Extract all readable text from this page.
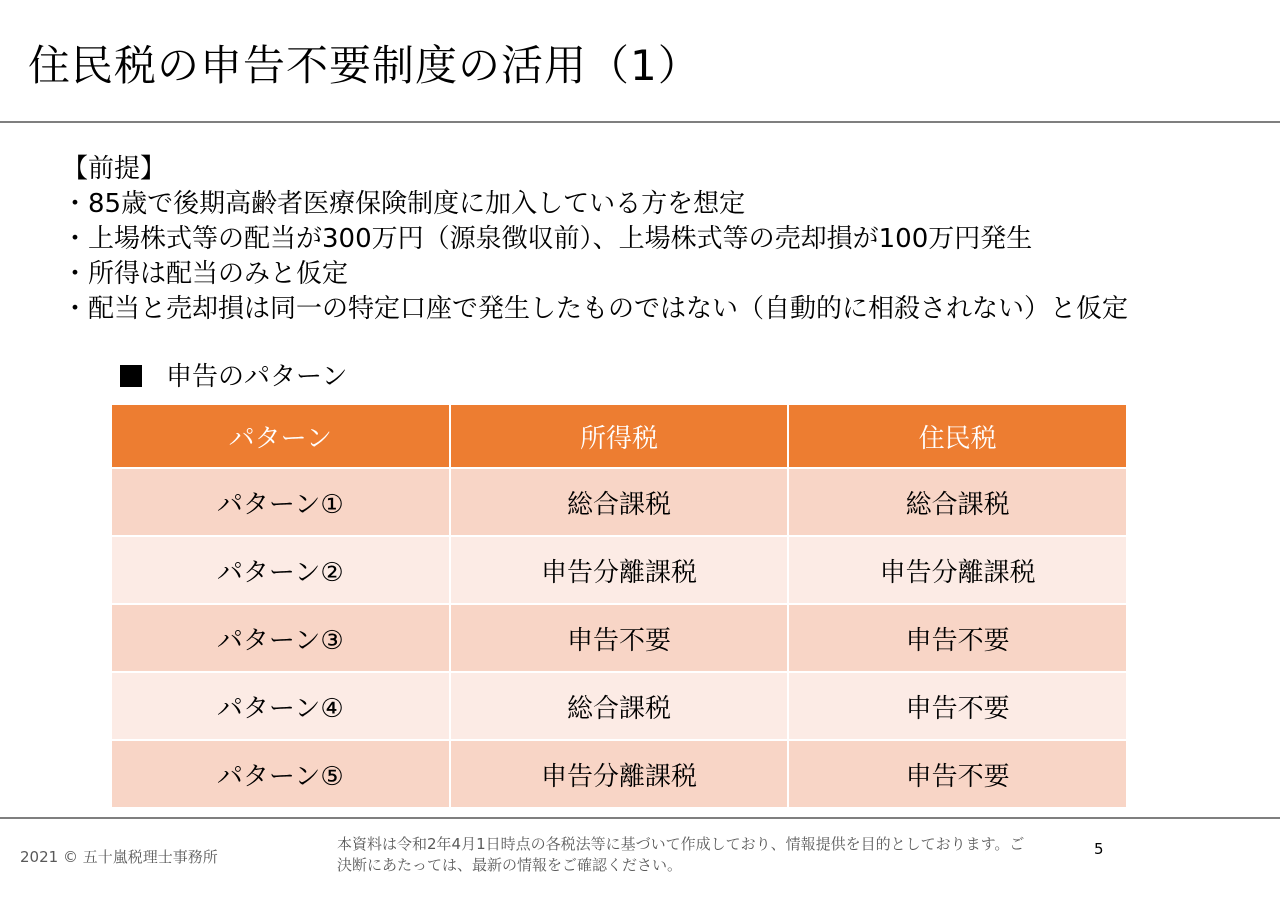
住民税の申告不要制度の活用（1）
【前提】
・85歳で後期高齢者医療保険制度に加入している方を想定
・上場株式等の配当が300万円（源泉徴収前）、上場株式等の売却損が100万円発生
・所得は配当のみと仮定
・配当と売却損は同一の特定口座で発生したものではない（自動的に相殺されない）と仮定
申告のパターン
パターン	所得税	住民税
パターン①	総合課税	総合課税
パターン②	申告分離課税	申告分離課税
パターン③	申告不要	申告不要
パターン④	総合課税	申告不要
パターン⑤	申告分離課税	申告不要
2021 © 五十嵐税理士事務所
本資料は令和2年4月1日時点の各税法等に基づいて作成しており、情報提供を目的としております。ご決断にあたっては、最新の情報をご確認ください。
5
